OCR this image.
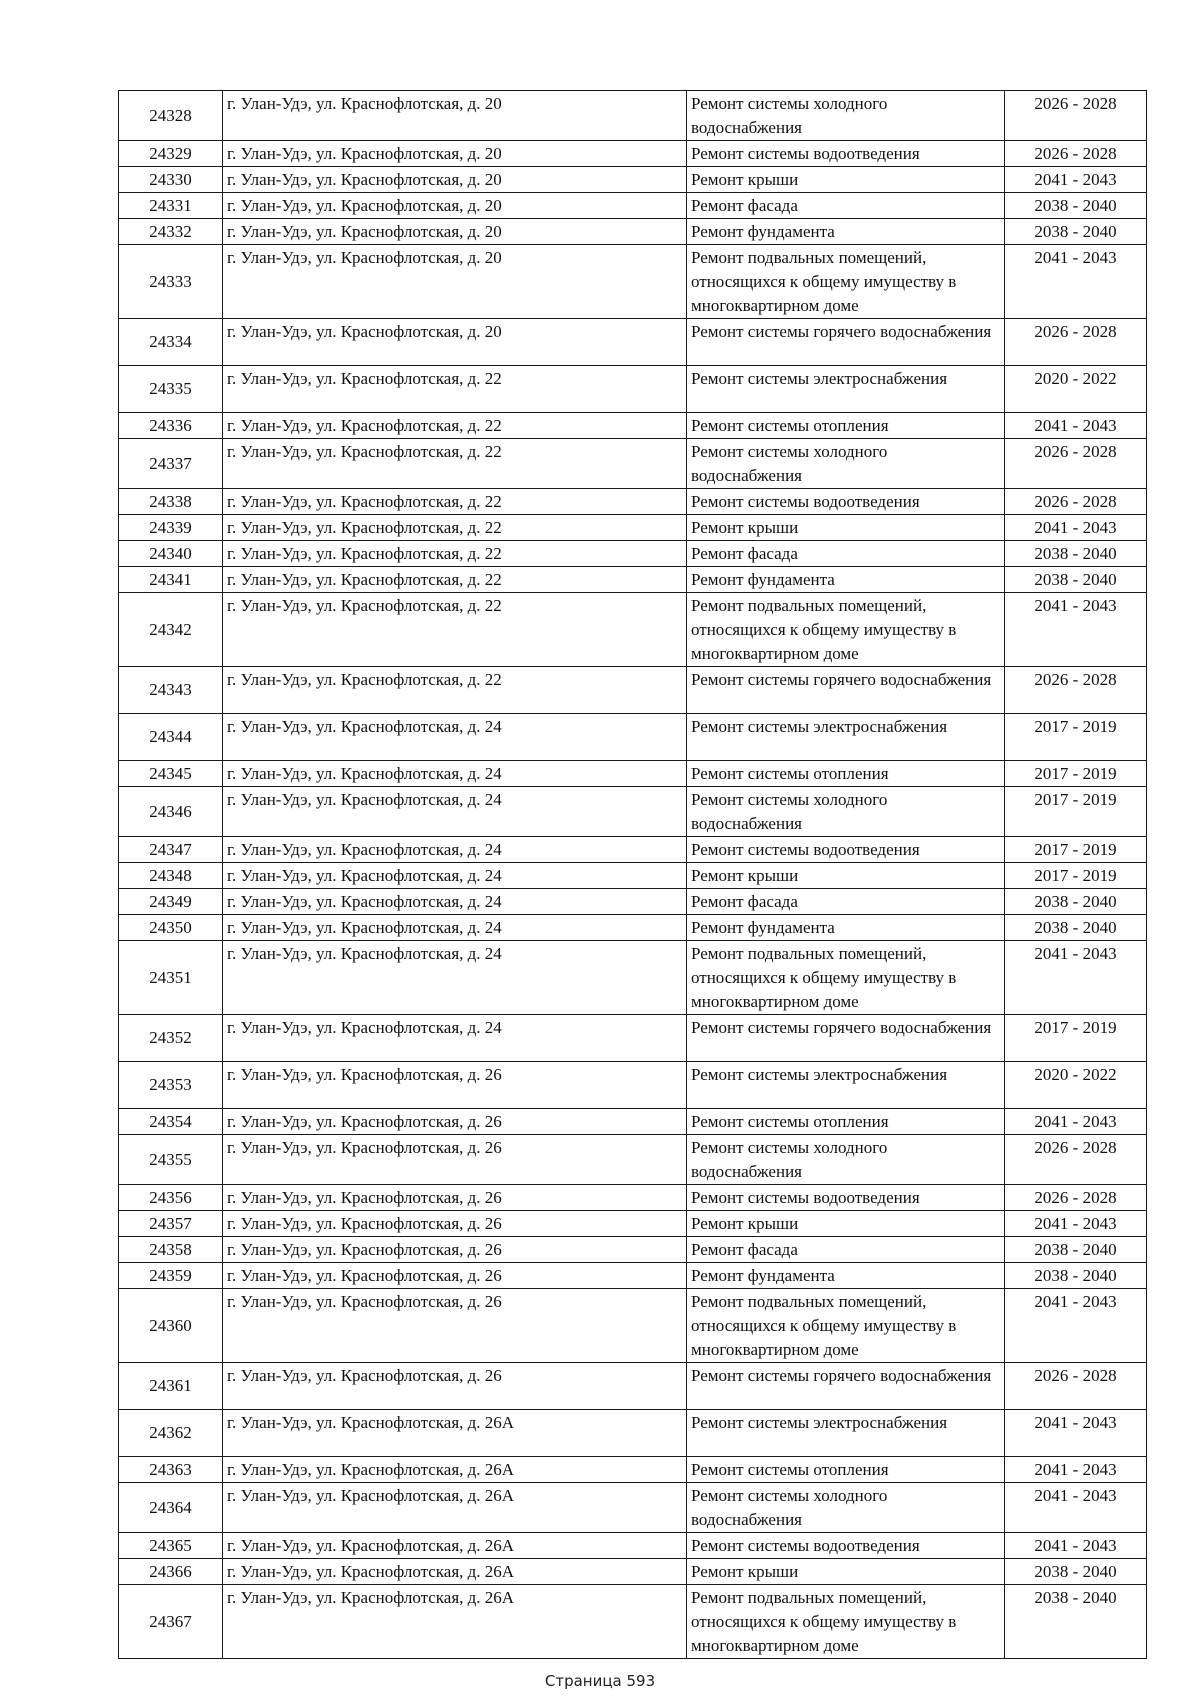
24328	г. Улан-Удэ, ул. Краснофлотская, д. 20	Ремонт системы холодного водоснабжения	2026 - 2028
24329	г. Улан-Удэ, ул. Краснофлотская, д. 20	Ремонт системы водоотведения	2026 - 2028
24330	г. Улан-Удэ, ул. Краснофлотская, д. 20	Ремонт крыши	2041 - 2043
24331	г. Улан-Удэ, ул. Краснофлотская, д. 20	Ремонт фасада	2038 - 2040
24332	г. Улан-Удэ, ул. Краснофлотская, д. 20	Ремонт фундамента	2038 - 2040
24333	г. Улан-Удэ, ул. Краснофлотская, д. 20	Ремонт подвальных помещений, относящихся к общему имуществу в многоквартирном доме	2041 - 2043
24334	г. Улан-Удэ, ул. Краснофлотская, д. 20	Ремонт системы горячего водоснабжения	2026 - 2028
24335	г. Улан-Удэ, ул. Краснофлотская, д. 22	Ремонт системы электроснабжения	2020 - 2022
24336	г. Улан-Удэ, ул. Краснофлотская, д. 22	Ремонт системы отопления	2041 - 2043
24337	г. Улан-Удэ, ул. Краснофлотская, д. 22	Ремонт системы холодного водоснабжения	2026 - 2028
24338	г. Улан-Удэ, ул. Краснофлотская, д. 22	Ремонт системы водоотведения	2026 - 2028
24339	г. Улан-Удэ, ул. Краснофлотская, д. 22	Ремонт крыши	2041 - 2043
24340	г. Улан-Удэ, ул. Краснофлотская, д. 22	Ремонт фасада	2038 - 2040
24341	г. Улан-Удэ, ул. Краснофлотская, д. 22	Ремонт фундамента	2038 - 2040
24342	г. Улан-Удэ, ул. Краснофлотская, д. 22	Ремонт подвальных помещений, относящихся к общему имуществу в многоквартирном доме	2041 - 2043
24343	г. Улан-Удэ, ул. Краснофлотская, д. 22	Ремонт системы горячего водоснабжения	2026 - 2028
24344	г. Улан-Удэ, ул. Краснофлотская, д. 24	Ремонт системы электроснабжения	2017 - 2019
24345	г. Улан-Удэ, ул. Краснофлотская, д. 24	Ремонт системы отопления	2017 - 2019
24346	г. Улан-Удэ, ул. Краснофлотская, д. 24	Ремонт системы холодного водоснабжения	2017 - 2019
24347	г. Улан-Удэ, ул. Краснофлотская, д. 24	Ремонт системы водоотведения	2017 - 2019
24348	г. Улан-Удэ, ул. Краснофлотская, д. 24	Ремонт крыши	2017 - 2019
24349	г. Улан-Удэ, ул. Краснофлотская, д. 24	Ремонт фасада	2038 - 2040
24350	г. Улан-Удэ, ул. Краснофлотская, д. 24	Ремонт фундамента	2038 - 2040
24351	г. Улан-Удэ, ул. Краснофлотская, д. 24	Ремонт подвальных помещений, относящихся к общему имуществу в многоквартирном доме	2041 - 2043
24352	г. Улан-Удэ, ул. Краснофлотская, д. 24	Ремонт системы горячего водоснабжения	2017 - 2019
24353	г. Улан-Удэ, ул. Краснофлотская, д. 26	Ремонт системы электроснабжения	2020 - 2022
24354	г. Улан-Удэ, ул. Краснофлотская, д. 26	Ремонт системы отопления	2041 - 2043
24355	г. Улан-Удэ, ул. Краснофлотская, д. 26	Ремонт системы холодного водоснабжения	2026 - 2028
24356	г. Улан-Удэ, ул. Краснофлотская, д. 26	Ремонт системы водоотведения	2026 - 2028
24357	г. Улан-Удэ, ул. Краснофлотская, д. 26	Ремонт крыши	2041 - 2043
24358	г. Улан-Удэ, ул. Краснофлотская, д. 26	Ремонт фасада	2038 - 2040
24359	г. Улан-Удэ, ул. Краснофлотская, д. 26	Ремонт фундамента	2038 - 2040
24360	г. Улан-Удэ, ул. Краснофлотская, д. 26	Ремонт подвальных помещений, относящихся к общему имуществу в многоквартирном доме	2041 - 2043
24361	г. Улан-Удэ, ул. Краснофлотская, д. 26	Ремонт системы горячего водоснабжения	2026 - 2028
24362	г. Улан-Удэ, ул. Краснофлотская, д. 26А	Ремонт системы электроснабжения	2041 - 2043
24363	г. Улан-Удэ, ул. Краснофлотская, д. 26А	Ремонт системы отопления	2041 - 2043
24364	г. Улан-Удэ, ул. Краснофлотская, д. 26А	Ремонт системы холодного водоснабжения	2041 - 2043
24365	г. Улан-Удэ, ул. Краснофлотская, д. 26А	Ремонт системы водоотведения	2041 - 2043
24366	г. Улан-Удэ, ул. Краснофлотская, д. 26А	Ремонт крыши	2038 - 2040
24367	г. Улан-Удэ, ул. Краснофлотская, д. 26А	Ремонт подвальных помещений, относящихся к общему имуществу в многоквартирном доме	2038 - 2040
Страница 593
